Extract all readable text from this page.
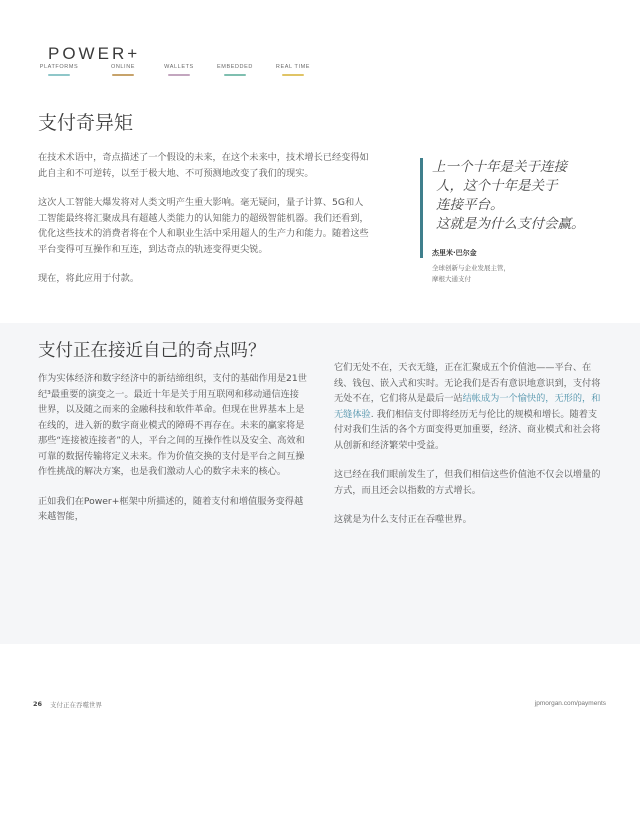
POWER+
PLATFORMS	ONLINE	WALLETS	EMBEDDED	REAL TIME
支付奇异矩

在技术术语中，奇点描述了一个假设的未来，在这个未来中，技术增长已经变得如此自主和不可逆转，以至于极大地、不可预测地改变了我们的现实。

这次人工智能大爆发将对人类文明产生重大影响。毫无疑问，量子计算、5G和人工智能最终将汇聚成具有超越人类能力的认知能力的超级智能机器。我们还看到，优化这些技术的消费者将在个人和职业生活中采用超人的生产力和能力。随着这些平台变得可互操作和互连，到达奇点的轨迹变得更尖锐。

现在，将此应用于付款。

上一个十年是关于连接
人，这个十年是关于
连接平台。
这就是为什么支付会赢。
杰里米·巴尔金
全球创新与企业发展主管，
摩根大通支付
支付正在接近自己的奇点吗？

作为实体经济和数字经济中的新结缔组织，支付的基础作用是21世纪³最重要的演变之一。最近十年是关于用互联网和移动通信连接世界，以及随之而来的金融科技和软件革命。但现在世界基本上是在线的，进入新的数字商业模式的障碍不再存在。未来的赢家将是那些“连接被连接者”的人，平台之间的互操作性以及安全、高效和可靠的数据传输将定义未来。作为价值交换的支付是平台之间互操作性挑战的解决方案，也是我们激动人心的数字未来的核心。

正如我们在Power+框架中所描述的，随着支付和增值服务变得越来越智能，

它们无处不在，天衣无缝，正在汇聚成五个价值池——平台、在线、钱包、嵌入式和实时。无论我们是否有意识地意识到，支付将无处不在，它们将从是最后一站结帐成为一个愉快的，无形的，和无缝体验. 我们相信支付即将经历无与伦比的规模和增长。随着支付对我们生活的各个方面变得更加重要，经济、商业模式和社会将从创新和经济繁荣中受益。

这已经在我们眼前发生了，但我们相信这些价值池不仅会以增量的方式，而且还会以指数的方式增长。

这就是为什么支付正在吞噬世界。

26 支付正在吞噬世界	jpmorgan.com/payments
